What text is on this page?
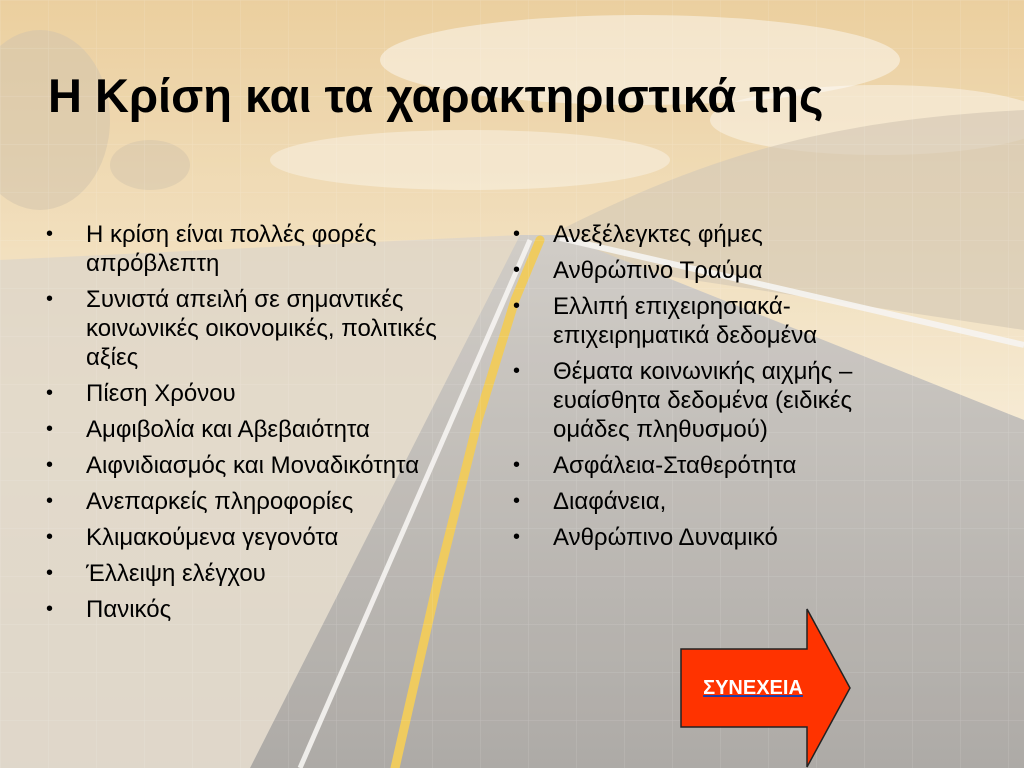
Η Κρίση και τα χαρακτηριστικά της
• Η κρίση είναι πολλές φορές απρόβλεπτη
• Συνιστά απειλή σε σημαντικές κοινωνικές οικονομικές, πολιτικές αξίες
• Πίεση Χρόνου
• Αμφιβολία και Αβεβαιότητα
• Αιφνιδιασμός και Μοναδικότητα
• Ανεπαρκείς πληροφορίες
• Κλιμακούμενα γεγονότα
• Έλλειψη ελέγχου
• Πανικός
• Ανεξέλεγκτες φήμες
• Ανθρώπινο Τραύμα
• Ελλιπή επιχειρησιακά- επιχειρηματικά δεδομένα
• Θέματα κοινωνικής αιχμής – ευαίσθητα δεδομένα (ειδικές ομάδες πληθυσμού)
• Ασφάλεια-Σταθερότητα
• Διαφάνεια,
• Ανθρώπινο Δυναμικό
ΣΥΝΕΧΕΙΑ
